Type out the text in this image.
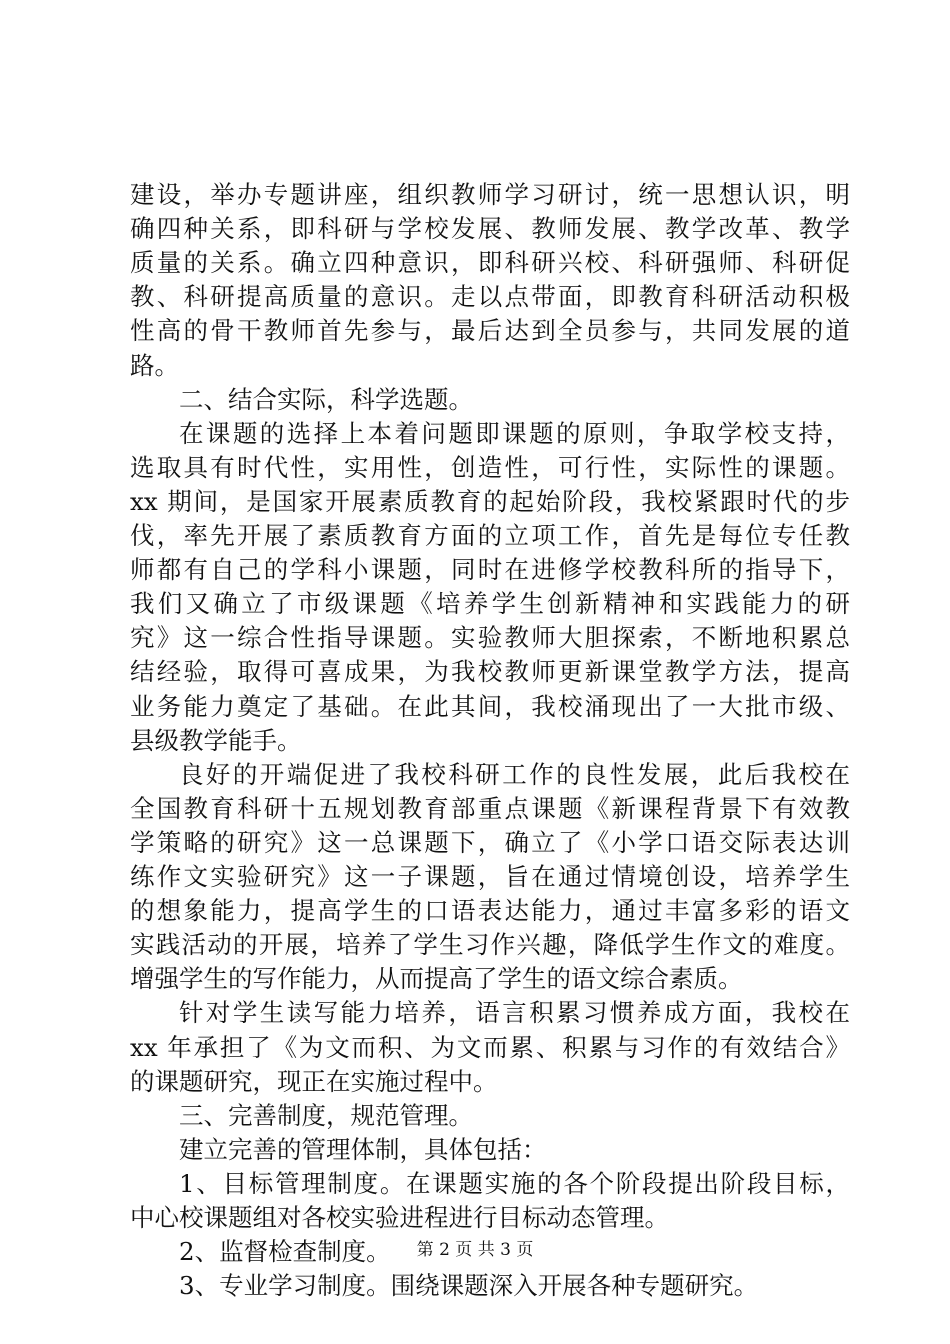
建设，举办专题讲座，组织教师学习研讨，统一思想认识，明
确四种关系，即科研与学校发展、教师发展、教学改革、教学
质量的关系。确立四种意识，即科研兴校、科研强师、科研促
教、科研提高质量的意识。走以点带面，即教育科研活动积极
性高的骨干教师首先参与，最后达到全员参与，共同发展的道
路。
二、结合实际，科学选题。
在课题的选择上本着问题即课题的原则，争取学校支持，
选取具有时代性，实用性，创造性，可行性，实际性的课题。
xx 期间，是国家开展素质教育的起始阶段，我校紧跟时代的步
伐，率先开展了素质教育方面的立项工作，首先是每位专任教
师都有自己的学科小课题，同时在进修学校教科所的指导下，
我们又确立了市级课题《培养学生创新精神和实践能力的研
究》这一综合性指导课题。实验教师大胆探索，不断地积累总
结经验，取得可喜成果，为我校教师更新课堂教学方法，提高
业务能力奠定了基础。在此其间，我校涌现出了一大批市级、
县级教学能手。
良好的开端促进了我校科研工作的良性发展，此后我校在
全国教育科研十五规划教育部重点课题《新课程背景下有效教
学策略的研究》这一总课题下，确立了《小学口语交际表达训
练作文实验研究》这一子课题，旨在通过情境创设，培养学生
的想象能力，提高学生的口语表达能力，通过丰富多彩的语文
实践活动的开展，培养了学生习作兴趣，降低学生作文的难度。
增强学生的写作能力，从而提高了学生的语文综合素质。
针对学生读写能力培养，语言积累习惯养成方面，我校在
xx 年承担了《为文而积、为文而累、积累与习作的有效结合》
的课题研究，现正在实施过程中。
三、完善制度，规范管理。
建立完善的管理体制，具体包括：
1、目标管理制度。在课题实施的各个阶段提出阶段目标，
中心校课题组对各校实验进程进行目标动态管理。
2、监督检查制度。
3、专业学习制度。围绕课题深入开展各种专题研究。
第 2 页 共 3 页
